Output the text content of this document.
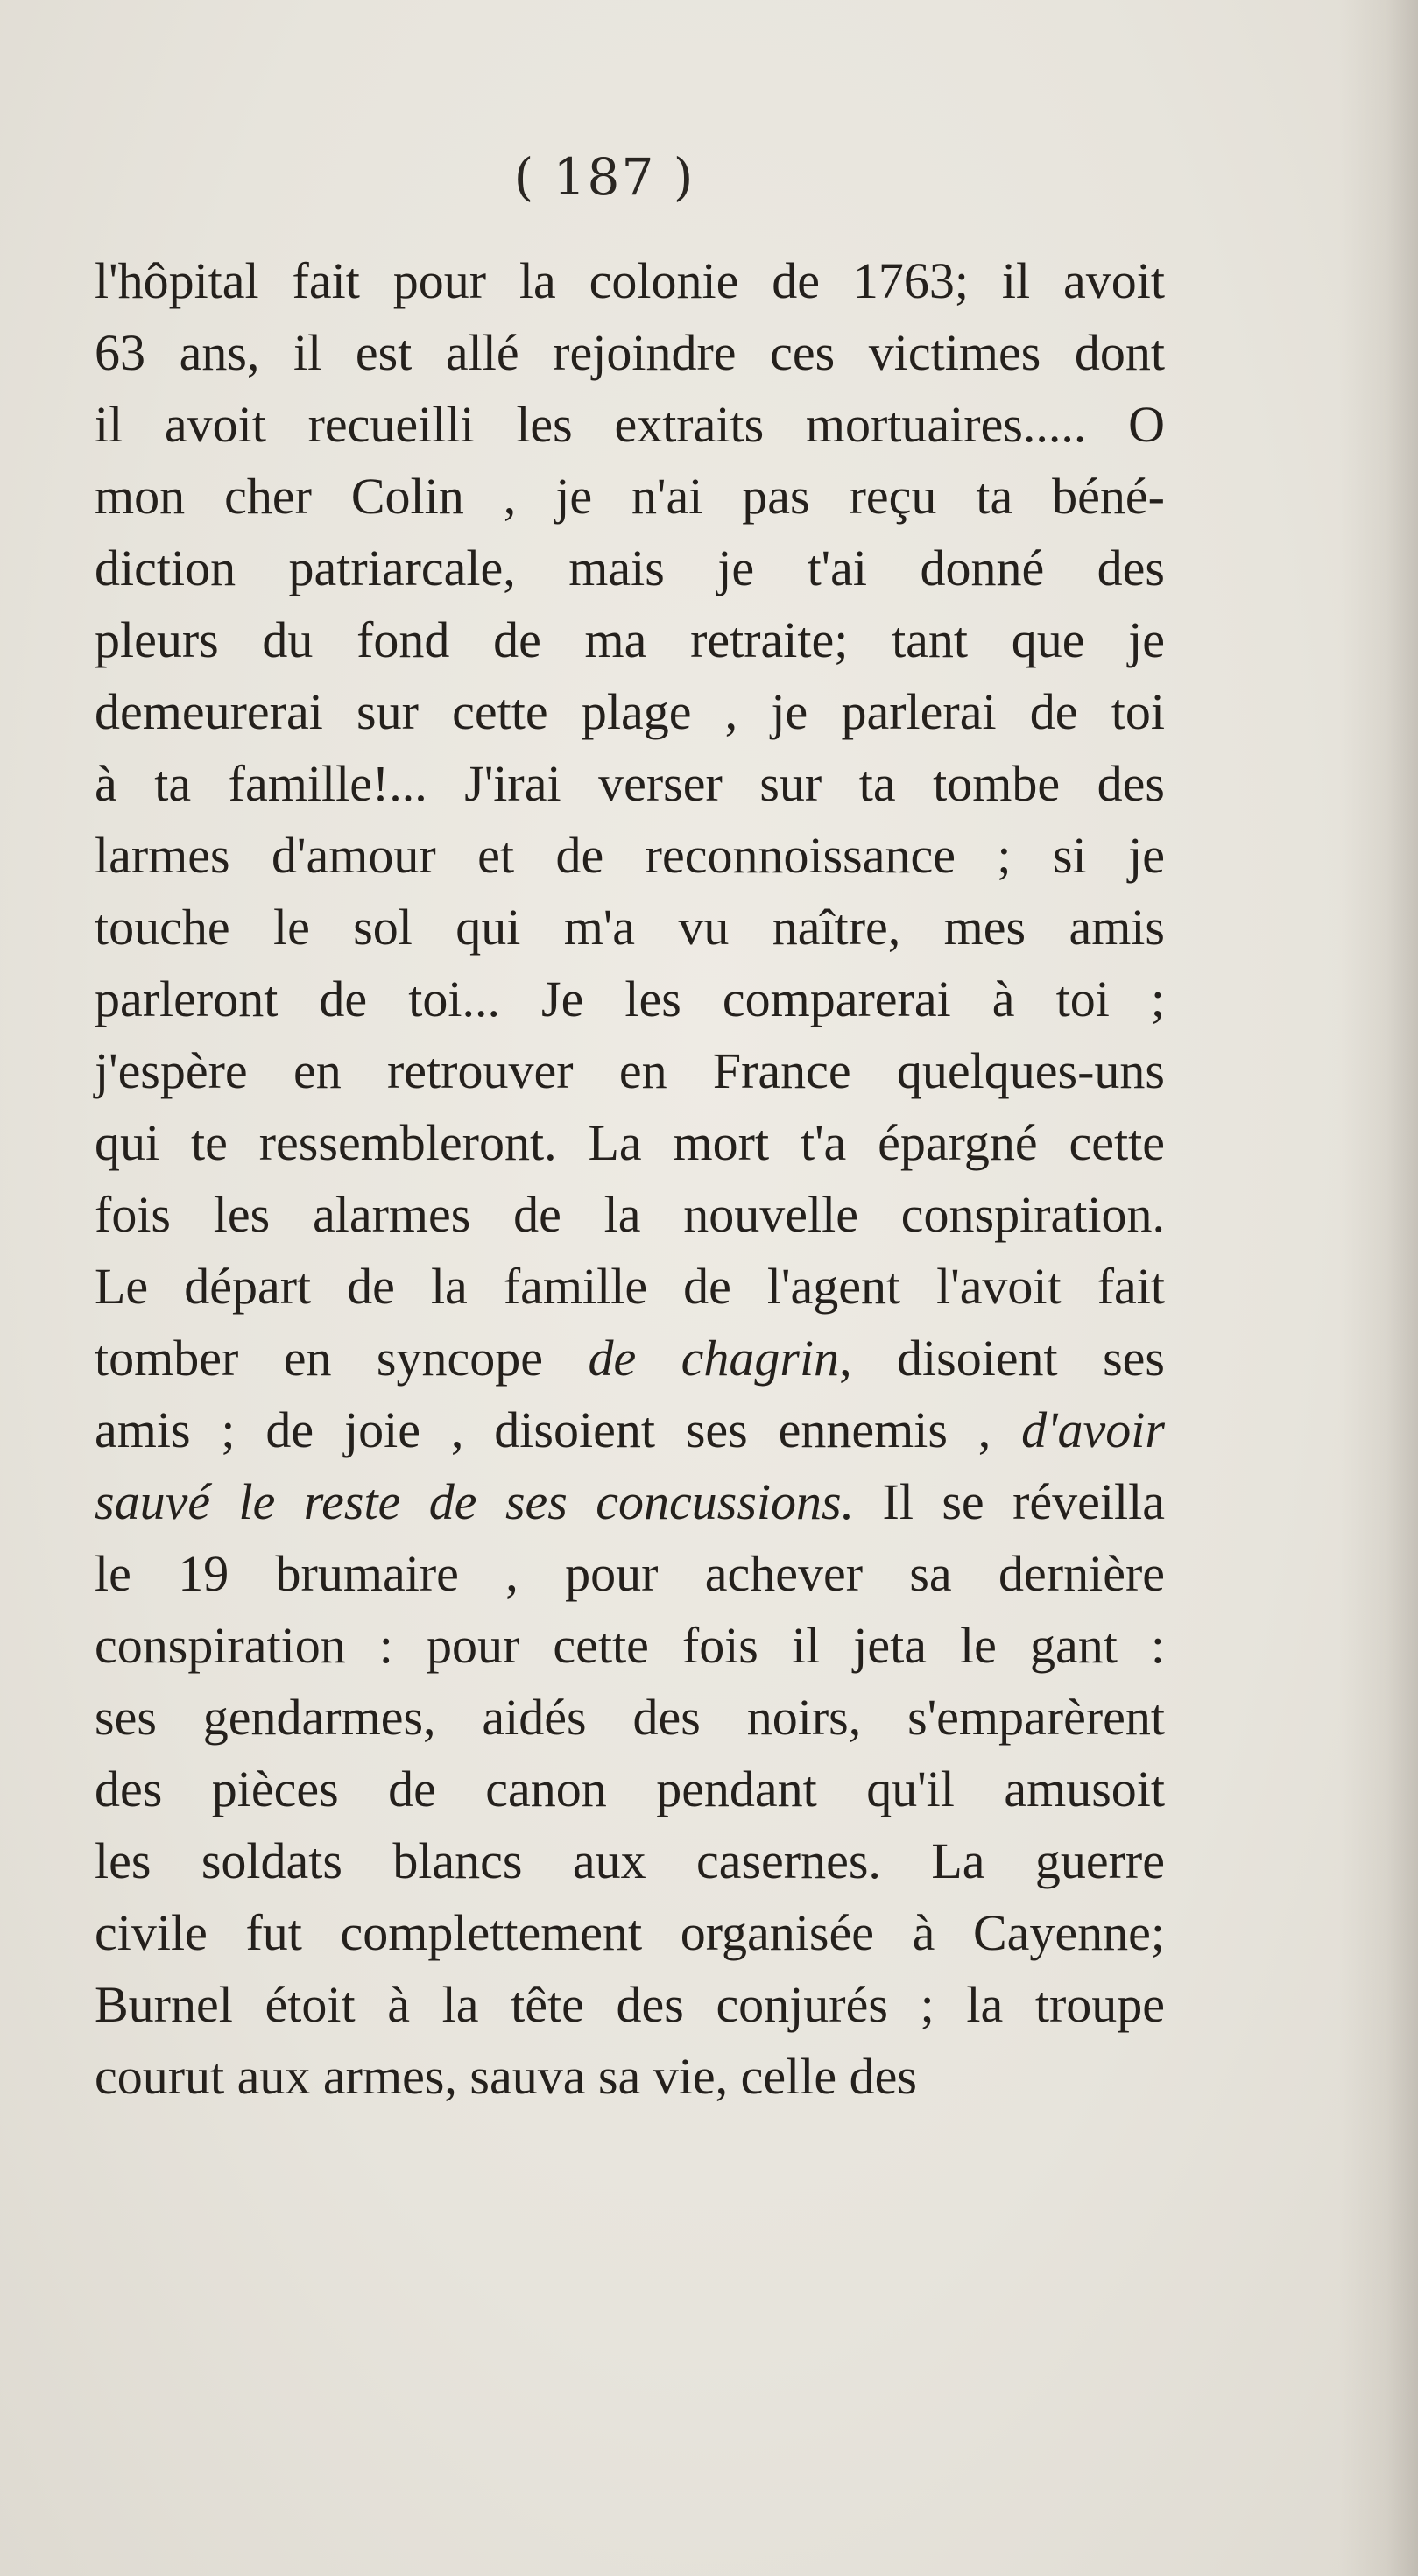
( 187 )
l'hôpital fait pour la colonie de 1763; il avoit
63 ans, il est allé rejoindre ces victimes dont
il avoit recueilli les extraits mortuaires..... O
mon cher Colin , je n'ai pas reçu ta béné-
diction patriarcale, mais je t'ai donné des
pleurs du fond de ma retraite; tant que je
demeurerai sur cette plage , je parlerai de toi
à ta famille!... J'irai verser sur ta tombe des
larmes d'amour et de reconnoissance ; si je
touche le sol qui m'a vu naître, mes amis
parleront de toi... Je les comparerai à toi ;
j'espère en retrouver en France quelques-uns
qui te ressembleront. La mort t'a épargné cette
fois les alarmes de la nouvelle conspiration.
Le départ de la famille de l'agent l'avoit fait
tomber en syncope de chagrin, disoient ses
amis ; de joie , disoient ses ennemis , d'avoir
sauvé le reste de ses concussions. Il se réveilla
le 19 brumaire , pour achever sa dernière
conspiration : pour cette fois il jeta le gant :
ses gendarmes, aidés des noirs, s'emparèrent
des pièces de canon pendant qu'il amusoit
les soldats blancs aux casernes. La guerre
civile fut complettement organisée à Cayenne;
Burnel étoit à la tête des conjurés ; la troupe
courut aux armes, sauva sa vie, celle des
